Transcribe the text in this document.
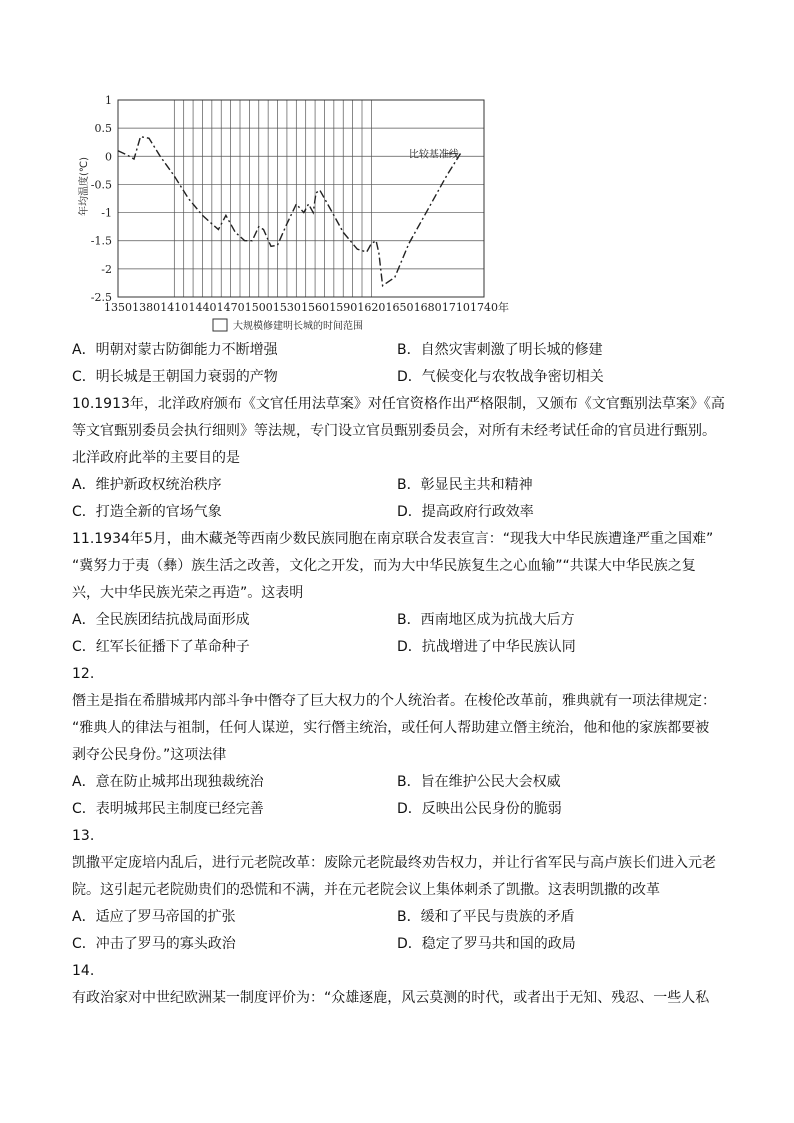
1
0.5
0
-0.5
-1
-1.5
-2
-2.5
1350 1380 1410 1440 1470 1500 1530 1560 1590 1620 1650 1680 1710 1740
比较基准线
年均温度(℃)
年
大规模修建明长城的时间范围
A．明朝对蒙古防御能力不断增强	B．自然灾害刺激了明长城的修建
C．明长城是王朝国力衰弱的产物	D．气候变化与农牧战争密切相关
10.1913年，北洋政府颁布《文官任用法草案》对任官资格作出严格限制，又颁布《文官甄别法草案》《高
等文官甄别委员会执行细则》等法规，专门设立官员甄别委员会，对所有未经考试任命的官员进行甄别。
北洋政府此举的主要目的是
A．维护新政权统治秩序	B．彰显民主共和精神
C．打造全新的官场气象	D．提高政府行政效率
11.1934年5月，曲木藏尧等西南少数民族同胞在南京联合发表宣言：“现我大中华民族遭逢严重之国难”
“冀努力于夷（彝）族生活之改善，文化之开发，而为大中华民族复生之心血输”“共谋大中华民族之复
兴，大中华民族光荣之再造”。这表明
A．全民族团结抗战局面形成	B．西南地区成为抗战大后方
C．红军长征播下了革命种子	D．抗战增进了中华民族认同
12.
僭主是指在希腊城邦内部斗争中僭夺了巨大权力的个人统治者。在梭伦改革前，雅典就有一项法律规定：
“雅典人的律法与祖制，任何人谋逆，实行僭主统治，或任何人帮助建立僭主统治，他和他的家族都要被
剥夺公民身份。”这项法律
A．意在防止城邦出现独裁统治	B．旨在维护公民大会权威
C．表明城邦民主制度已经完善	D．反映出公民身份的脆弱
13.
凯撒平定庞培内乱后，进行元老院改革：废除元老院最终劝告权力，并让行省军民与高卢族长们进入元老
院。这引起元老院勋贵们的恐慌和不满，并在元老院会议上集体刺杀了凯撒。这表明凯撒的改革
A．适应了罗马帝国的扩张	B．缓和了平民与贵族的矛盾
C．冲击了罗马的寡头政治	D．稳定了罗马共和国的政局
14.
有政治家对中世纪欧洲某一制度评价为：“众雄逐鹿，风云莫测的时代，或者出于无知、残忍、一些人私
